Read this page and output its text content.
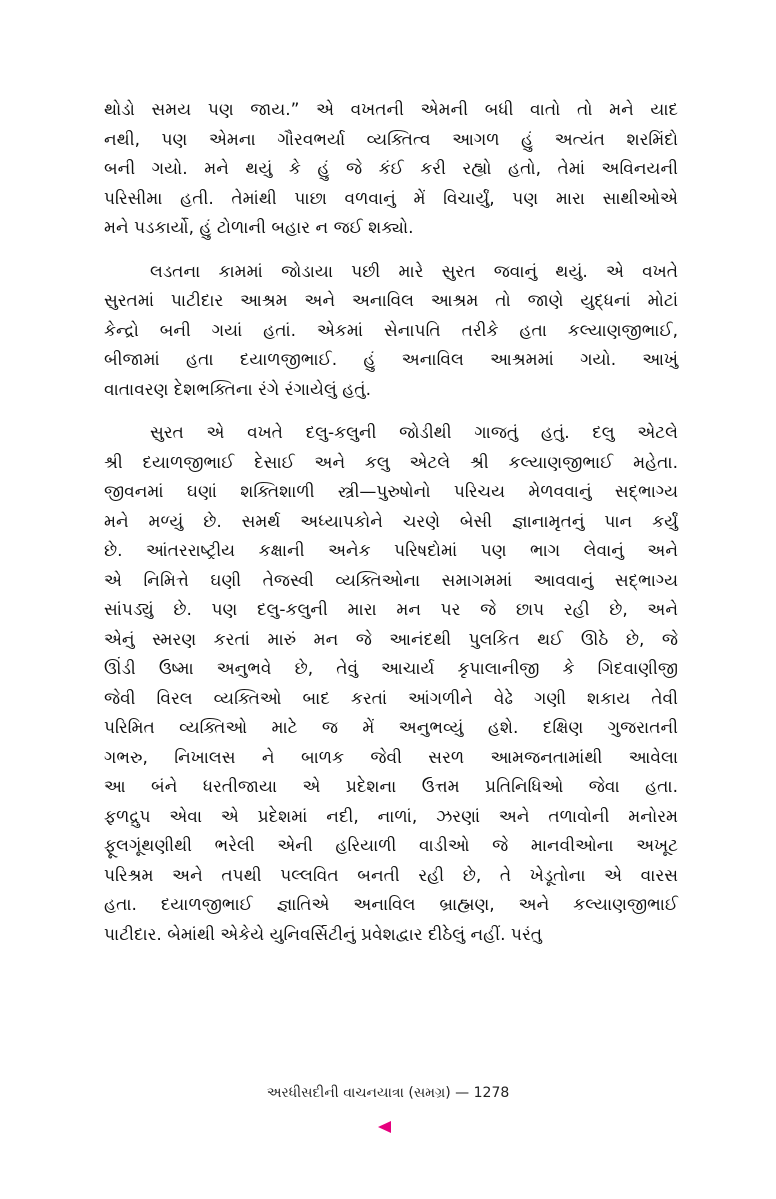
થોડો સમય પણ જાય.” એ વખતની એમની બધી વાતો તો મને યાદ
નથી, પણ એમના ગૌરવભર્યા વ્યક્તિત્વ આગળ હું અત્યંત શરમિંદો
બની ગયો. મને થયું કે હું જે કંઈ કરી રહ્યો હતો, તેમાં અવિનયની
પરિસીમા હતી. તેમાંથી પાછા વળવાનું મેં વિચાર્યું, પણ મારા સાથીઓએ
મને પડકાર્યો, હું ટોળાની બહાર ન જઈ શક્યો.
લડતના કામમાં જોડાયા પછી મારે સુરત જવાનું થયું. એ વખતે
સુરતમાં પાટીદાર આશ્રમ અને અનાવિલ આશ્રમ તો જાણે યુદ્ધનાં મોટાં
કેન્દ્રો બની ગયાં હતાં. એકમાં સેનાપતિ તરીકે હતા કલ્યાણજીભાઈ,
બીજામાં હતા દયાળજીભાઈ. હું અનાવિલ આશ્રમમાં ગયો. આખું
વાતાવરણ દેશભક્તિના રંગે રંગાયેલું હતું.
સુરત એ વખતે દલુ-કલુની જોડીથી ગાજતું હતું. દલુ એટલે
શ્રી દયાળજીભાઈ દેસાઈ અને કલુ એટલે શ્રી કલ્યાણજીભાઈ મહેતા.
જીવનમાં ઘણાં શક્તિશાળી સ્ત્રી—પુરુષોનો પરિચય મેળવવાનું સદ્ભાગ્ય
મને મળ્યું છે. સમર્થ અધ્યાપકોને ચરણે બેસી જ્ઞાનામૃતનું પાન કર્યું
છે. આંતરરાષ્ટ્રીય કક્ષાની અનેક પરિષદોમાં પણ ભાગ લેવાનું અને
એ નિમિત્તે ઘણી તેજસ્વી વ્યક્તિઓના સમાગમમાં આવવાનું સદ્ભાગ્ય
સાંપડ્યું છે. પણ દલુ-કલુની મારા મન પર જે છાપ રહી છે, અને
એનું સ્મરણ કરતાં મારું મન જે આનંદથી પુલકિત થઈ ઊઠે છે, જે
ઊંડી ઉષ્મા અનુભવે છે, તેવું આચાર્ય કૃપાલાનીજી કે ગિદવાણીજી
જેવી વિરલ વ્યક્તિઓ બાદ કરતાં આંગળીને વેઢે ગણી શકાય તેવી
પરિમિત વ્યક્તિઓ માટે જ મેં અનુભવ્યું હશે. દક્ષિણ ગુજરાતની
ગભરુ, નિખાલસ ને બાળક જેવી સરળ આમજનતામાંથી આવેલા
આ બંને ધરતીજાયા એ પ્રદેશના ઉત્તમ પ્રતિનિધિઓ જેવા હતા.
ફળદ્રુપ એવા એ પ્રદેશમાં નદી, નાળાં, ઝરણાં અને તળાવોની મનોરમ
ફૂલગૂંથણીથી ભરેલી એની હરિયાળી વાડીઓ જે માનવીઓના અખૂટ
પરિશ્રમ અને તપથી પલ્લવિત બનતી રહી છે, તે ખેડૂતોના એ વારસ
હતા. દયાળજીભાઈ જ્ઞાતિએ અનાવિલ બ્રાહ્મણ, અને કલ્યાણજીભાઈ
પાટીદાર. બેમાંથી એકેયે યુનિવર્સિટીનું પ્રવેશદ્વાર દીઠેલું નહીં. પરંતુ
અરધીસદીની વાચનયાત્રા (સમગ્ર) — 1278
